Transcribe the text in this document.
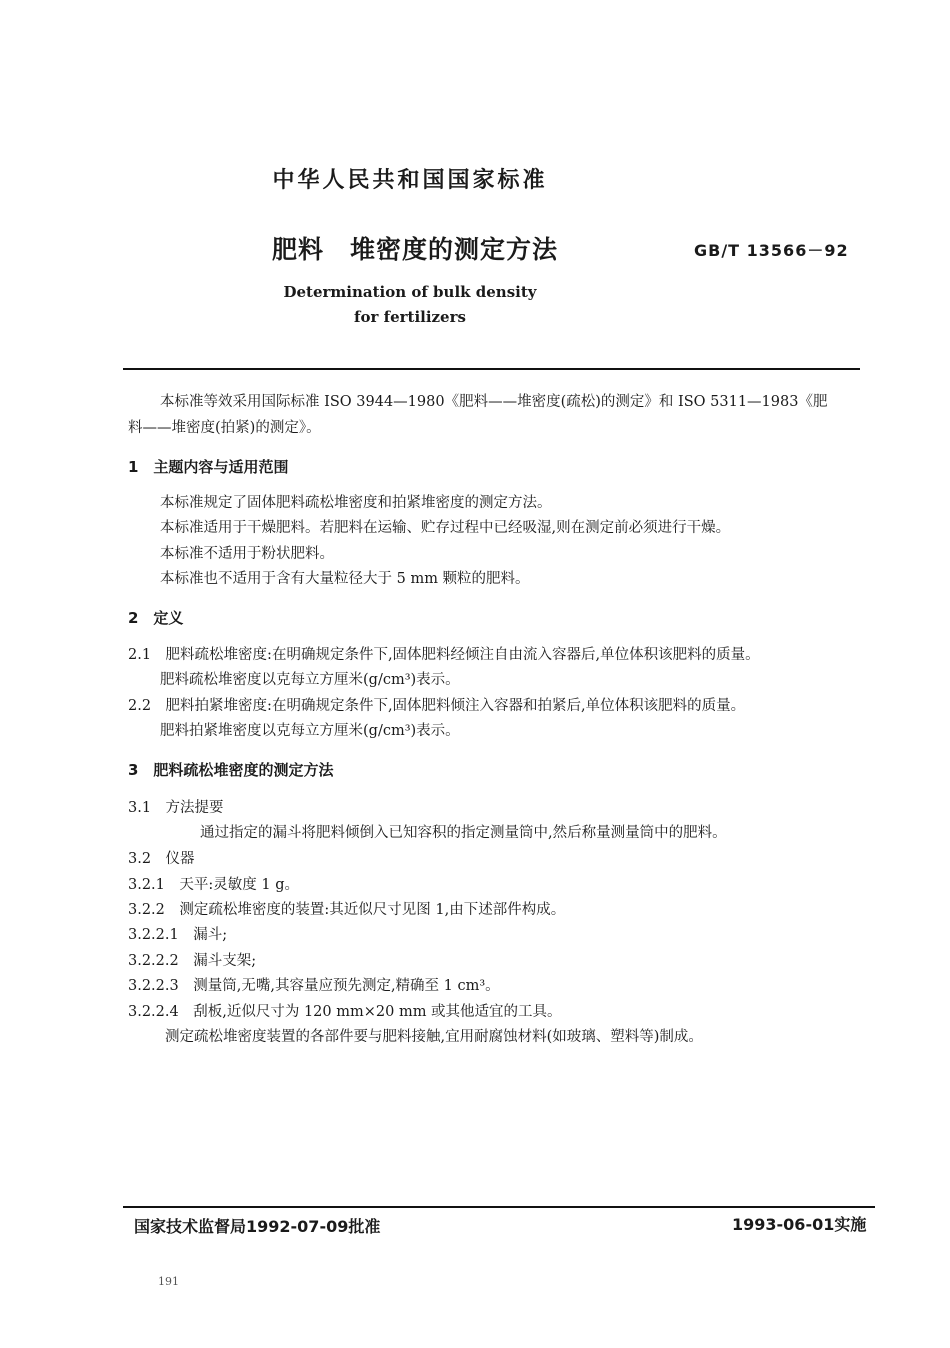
中华人民共和国国家标准
肥料　堆密度的测定方法	GB/T 13566－92
Determination of bulk density
for fertilizers
本标准等效采用国际标准 ISO 3944—1980《肥料——堆密度(疏松)的测定》和 ISO 5311—1983《肥
料——堆密度(拍紧)的测定》。
1　主题内容与适用范围
本标准规定了固体肥料疏松堆密度和拍紧堆密度的测定方法。
本标准适用于干燥肥料。若肥料在运输、贮存过程中已经吸湿,则在测定前必须进行干燥。
本标准不适用于粉状肥料。
本标准也不适用于含有大量粒径大于 5 mm 颗粒的肥料。
2　定义
2.1　肥料疏松堆密度:在明确规定条件下,固体肥料经倾注自由流入容器后,单位体积该肥料的质量。
肥料疏松堆密度以克每立方厘米(g/cm³)表示。
2.2　肥料拍紧堆密度:在明确规定条件下,固体肥料倾注入容器和拍紧后,单位体积该肥料的质量。
肥料拍紧堆密度以克每立方厘米(g/cm³)表示。
3　肥料疏松堆密度的测定方法
3.1　方法提要
通过指定的漏斗将肥料倾倒入已知容积的指定测量筒中,然后称量测量筒中的肥料。
3.2　仪器
3.2.1　天平:灵敏度 1 g。
3.2.2　测定疏松堆密度的装置:其近似尺寸见图 1,由下述部件构成。
3.2.2.1　漏斗;
3.2.2.2　漏斗支架;
3.2.2.3　测量筒,无嘴,其容量应预先测定,精确至 1 cm³。
3.2.2.4　刮板,近似尺寸为 120 mm×20 mm 或其他适宜的工具。
测定疏松堆密度装置的各部件要与肥料接触,宜用耐腐蚀材料(如玻璃、塑料等)制成。
国家技术监督局1992-07-09批准	1993-06-01实施
191
